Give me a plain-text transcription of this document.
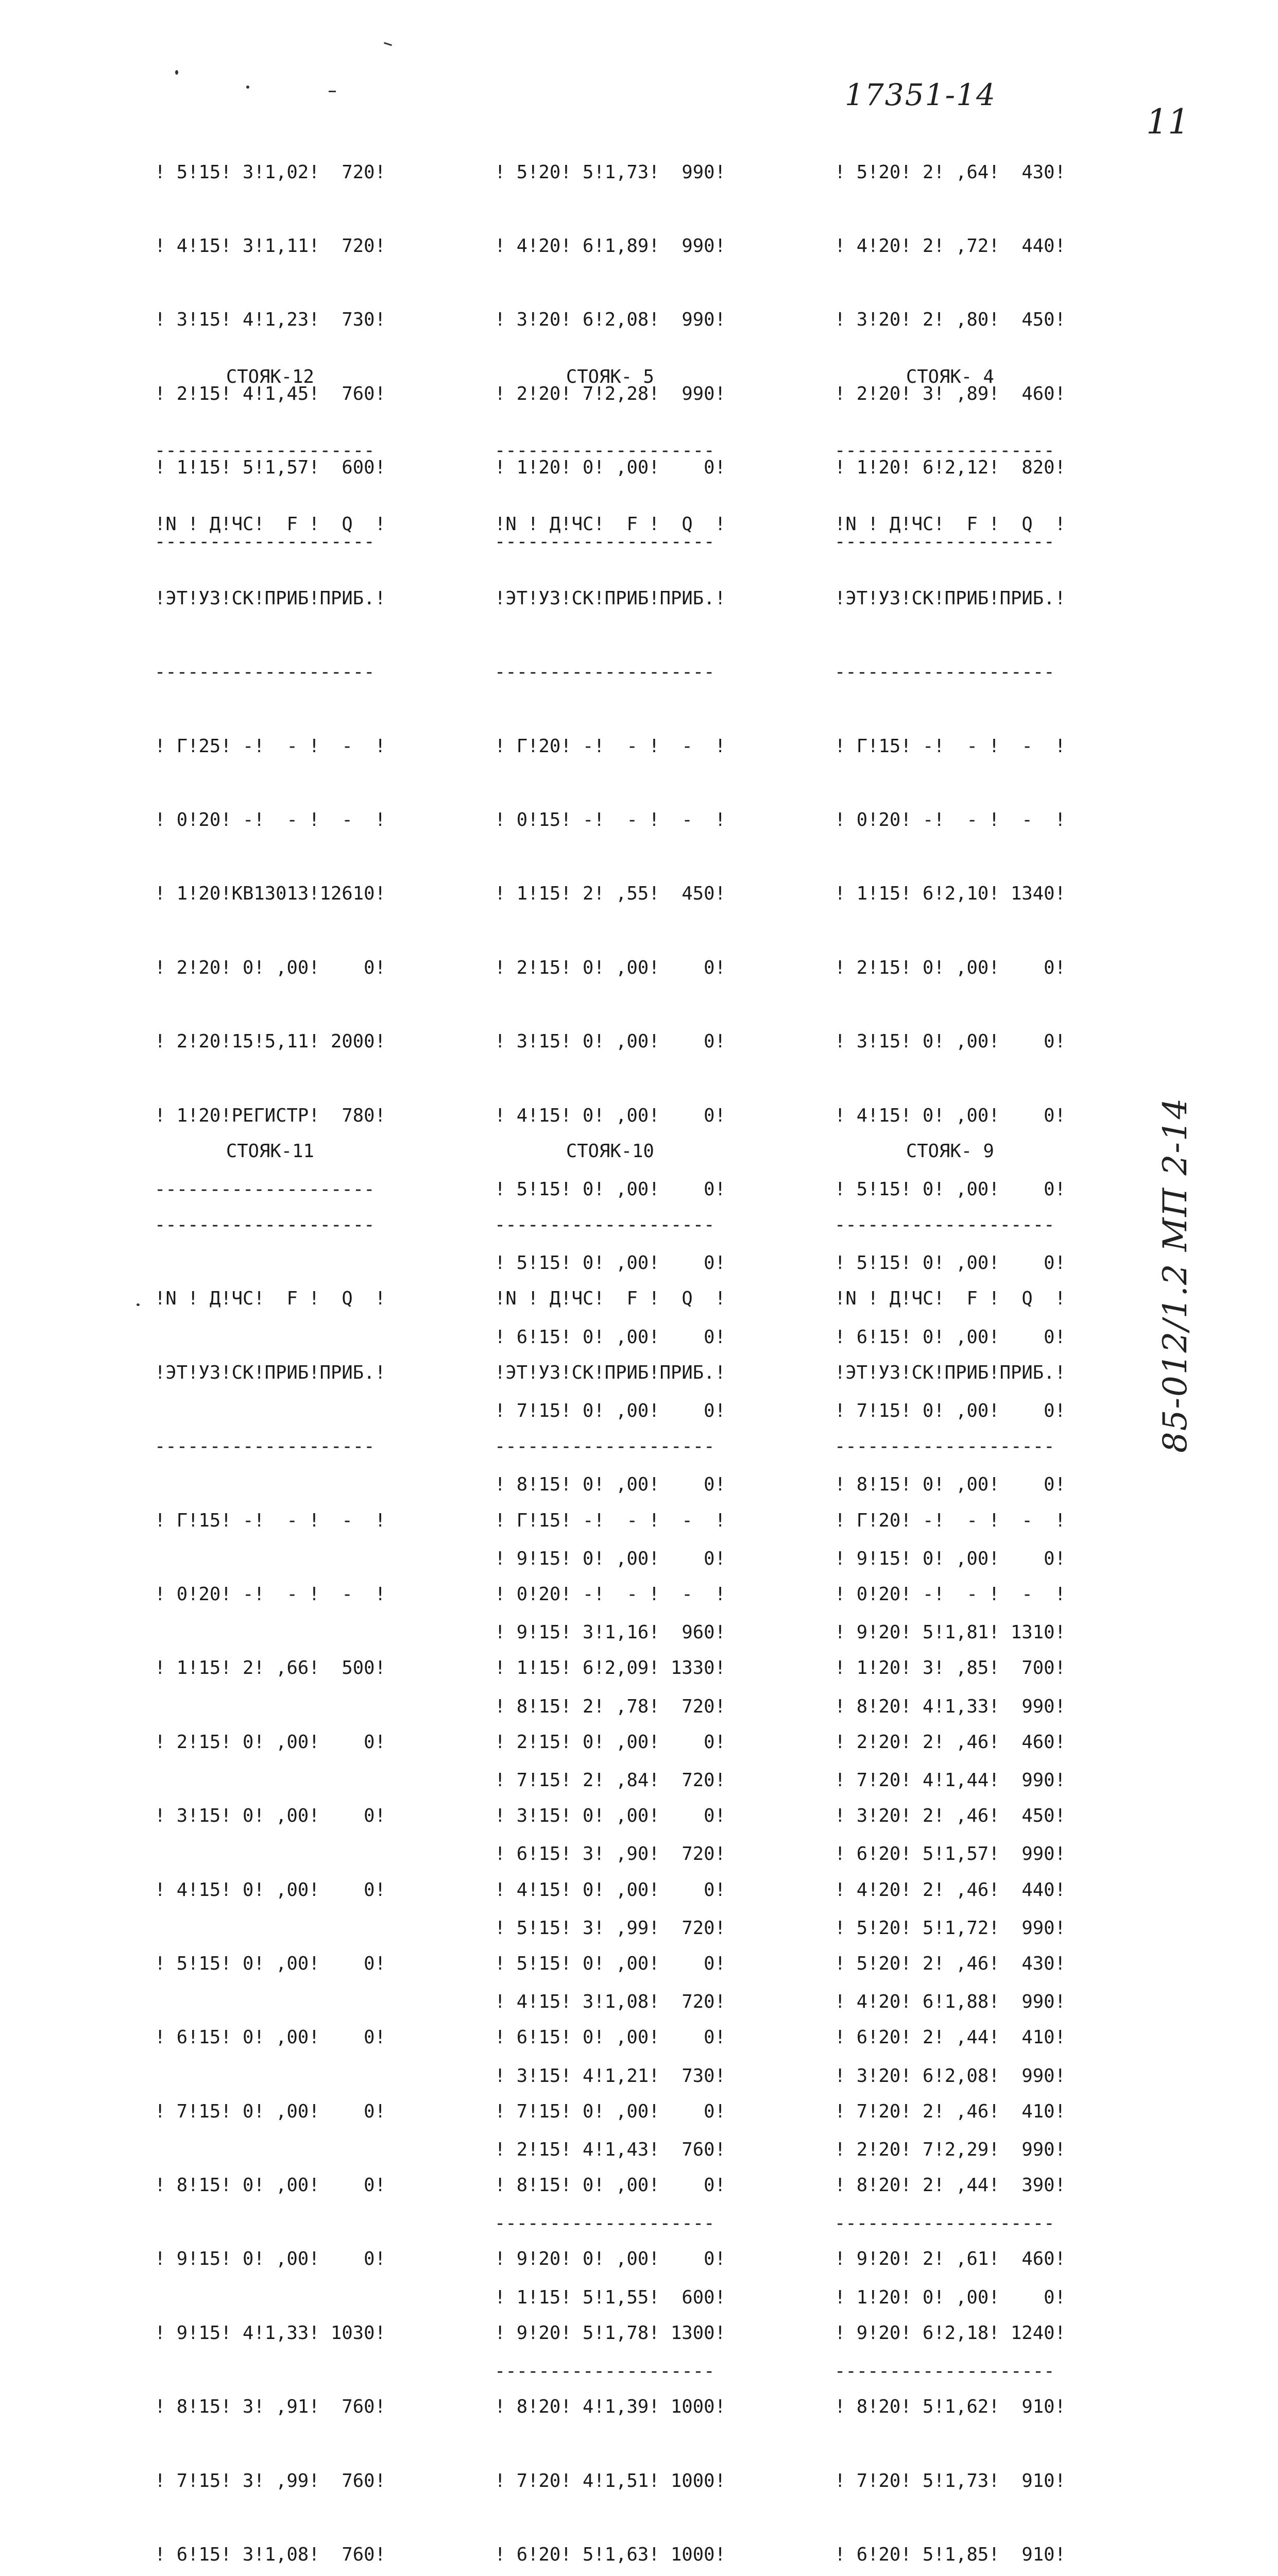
17351-14
11
85-012/1.2 МП 2-14

! 5!15! 3!1,02!  720!

! 4!15! 3!1,11!  720!

! 3!15! 4!1,23!  730!

! 2!15! 4!1,45!  760!

! 1!15! 5!1,57!  600!

--------------------

! 5!20! 5!1,73!  990!

! 4!20! 6!1,89!  990!

! 3!20! 6!2,08!  990!

! 2!20! 7!2,28!  990!

! 1!20! 0! ,00!    0!

--------------------

! 5!20! 2! ,64!  430!

! 4!20! 2! ,72!  440!

! 3!20! 2! ,80!  450!

! 2!20! 3! ,89!  460!

! 1!20! 6!2,12!  820!

--------------------

СТОЯК-12

--------------------

!N ! Д!ЧС!  F !  Q  !

!ЭТ!УЗ!СК!ПРИБ!ПРИБ.!

--------------------

! Г!25! -!  - !  -  !

! 0!20! -!  - !  -  !

! 1!20!КВ13013!12610!

! 2!20! 0! ,00!    0!

! 2!20!15!5,11! 2000!

! 1!20!РЕГИСТР!  780!

--------------------

СТОЯК- 5

--------------------

!N ! Д!ЧС!  F !  Q  !

!ЭТ!УЗ!СК!ПРИБ!ПРИБ.!

--------------------

! Г!20! -!  - !  -  !

! 0!15! -!  - !  -  !

! 1!15! 2! ,55!  450!

! 2!15! 0! ,00!    0!

! 3!15! 0! ,00!    0!

! 4!15! 0! ,00!    0!

! 5!15! 0! ,00!    0!

! 5!15! 0! ,00!    0!

! 6!15! 0! ,00!    0!

! 7!15! 0! ,00!    0!

! 8!15! 0! ,00!    0!

! 9!15! 0! ,00!    0!

! 9!15! 3!1,16!  960!

! 8!15! 2! ,78!  720!

! 7!15! 2! ,84!  720!

! 6!15! 3! ,90!  720!

! 5!15! 3! ,99!  720!

! 4!15! 3!1,08!  720!

! 3!15! 4!1,21!  730!

! 2!15! 4!1,43!  760!

--------------------

! 1!15! 5!1,55!  600!

--------------------

СТОЯК- 4

--------------------

!N ! Д!ЧС!  F !  Q  !

!ЭТ!УЗ!СК!ПРИБ!ПРИБ.!

--------------------

! Г!15! -!  - !  -  !

! 0!20! -!  - !  -  !

! 1!15! 6!2,10! 1340!

! 2!15! 0! ,00!    0!

! 3!15! 0! ,00!    0!

! 4!15! 0! ,00!    0!

! 5!15! 0! ,00!    0!

! 5!15! 0! ,00!    0!

! 6!15! 0! ,00!    0!

! 7!15! 0! ,00!    0!

! 8!15! 0! ,00!    0!

! 9!15! 0! ,00!    0!

! 9!20! 5!1,81! 1310!

! 8!20! 4!1,33!  990!

! 7!20! 4!1,44!  990!

! 6!20! 5!1,57!  990!

! 5!20! 5!1,72!  990!

! 4!20! 6!1,88!  990!

! 3!20! 6!2,08!  990!

! 2!20! 7!2,29!  990!

--------------------

! 1!20! 0! ,00!    0!

--------------------

СТОЯК-11

--------------------

!N ! Д!ЧС!  F !  Q  !

!ЭТ!УЗ!СК!ПРИБ!ПРИБ.!

--------------------

! Г!15! -!  - !  -  !

! 0!20! -!  - !  -  !

! 1!15! 2! ,66!  500!

! 2!15! 0! ,00!    0!

! 3!15! 0! ,00!    0!

! 4!15! 0! ,00!    0!

! 5!15! 0! ,00!    0!

! 6!15! 0! ,00!    0!

! 7!15! 0! ,00!    0!

! 8!15! 0! ,00!    0!

! 9!15! 0! ,00!    0!

! 9!15! 4!1,33! 1030!

! 8!15! 3! ,91!  760!

! 7!15! 3! ,99!  760!

! 6!15! 3!1,08!  760!

СТОЯК-10

--------------------

!N ! Д!ЧС!  F !  Q  !

!ЭТ!УЗ!СК!ПРИБ!ПРИБ.!

--------------------

! Г!15! -!  - !  -  !

! 0!20! -!  - !  -  !

! 1!15! 6!2,09! 1330!

! 2!15! 0! ,00!    0!

! 3!15! 0! ,00!    0!

! 4!15! 0! ,00!    0!

! 5!15! 0! ,00!    0!

! 6!15! 0! ,00!    0!

! 7!15! 0! ,00!    0!

! 8!15! 0! ,00!    0!

! 9!20! 0! ,00!    0!

! 9!20! 5!1,78! 1300!

! 8!20! 4!1,39! 1000!

! 7!20! 4!1,51! 1000!

! 6!20! 5!1,63! 1000!

СТОЯК- 9

--------------------

!N ! Д!ЧС!  F !  Q  !

!ЭТ!УЗ!СК!ПРИБ!ПРИБ.!

--------------------

! Г!20! -!  - !  -  !

! 0!20! -!  - !  -  !

! 1!20! 3! ,85!  700!

! 2!20! 2! ,46!  460!

! 3!20! 2! ,46!  450!

! 4!20! 2! ,46!  440!

! 5!20! 2! ,46!  430!

! 6!20! 2! ,44!  410!

! 7!20! 2! ,46!  410!

! 8!20! 2! ,44!  390!

! 9!20! 2! ,61!  460!

! 9!20! 6!2,18! 1240!

! 8!20! 5!1,62!  910!

! 7!20! 5!1,73!  910!

! 6!20! 5!1,85!  910!
